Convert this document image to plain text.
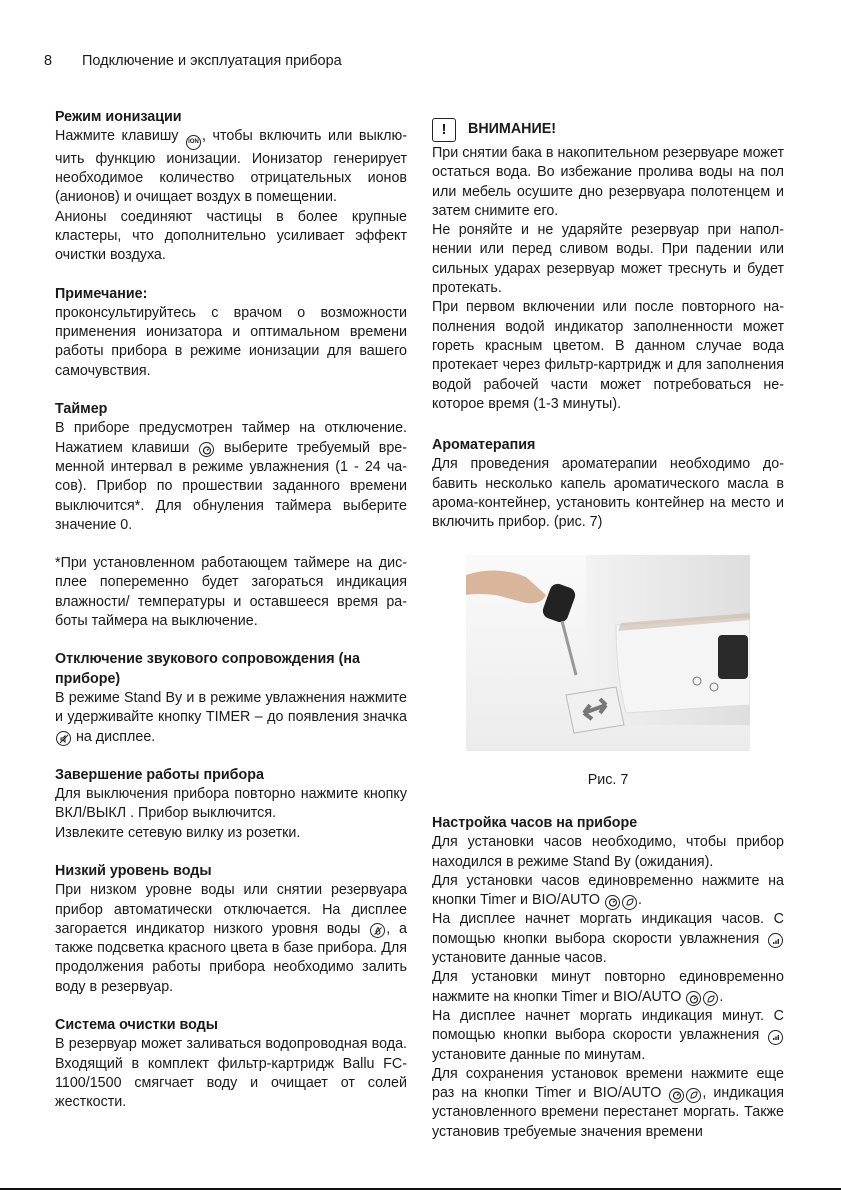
8 Подключение и эксплуатация прибора
Режим ионизации

Нажмите клавишу ION , чтобы включить или выключить функцию ионизации. Ионизатор генерирует необходимое количество отрицательных ионов (анионов) и очищает воздух в помещении.

Анионы соединяют частицы в более крупные кластеры, что дополнительно усиливает эффект очистки воздуха.

Примечание:

проконсультируйтесь с врачом о возможности применения ионизатора и оптимальном времени работы прибора в режиме ионизации для вашего самочувствия.

Таймер

В приборе предусмотрен таймер на отключение. Нажатием клавиши выберите требуемый временной интервал в режиме увлажнения (1 - 24 часов). Прибор по прошествии заданного времени выключится*. Для обнуления таймера выберите значение 0.

*При установленном работающем таймере на дисплее попеременно будет загораться индикация влажности/ температуры и оставшееся время работы таймера на выключение.

Отключение звукового сопровождения (на приборе)

В режиме Stand By и в режиме увлажнения нажмите и удерживайте кнопку TIMER – до появления значка
на дисплее.

Завершение работы прибора

Для выключения прибора повторно нажмите кнопку ВКЛ/ВЫКЛ . Прибор выключится.

Извлеките сетевую вилку из розетки.

Низкий уровень воды

При низком уровне воды или снятии резервуара прибор автоматически отключается. На дисплее загорается индикатор низкого уровня воды , а также подсветка красного цвета в базе прибора. Для продолжения работы прибора необходимо залить воду в резервуар.

Система очистки воды

В резервуар может заливаться водопроводная вода. Входящий в комплект фильтр-картридж Ballu FC-1100/1500 смягчает воду и очищает от солей жесткости.

!	ВНИМАНИЕ!

При снятии бака в накопительном резервуаре может остаться вода. Во избежание пролива воды на пол или мебель осушите дно резервуара полотенцем и затем снимите его.

Не роняйте и не ударяйте резервуар при наполнении или перед сливом воды. При падении или сильных ударах резервуар может треснуть и будет протекать.

При первом включении или после повторного наполнения водой индикатор заполненности может гореть красным цветом. В данном случае вода протекает через фильтр-картридж и для заполнения водой рабочей части может потребоваться некоторое время (1-3 минуты).

Ароматерапия

Для проведения ароматерапии необходимо добавить несколько капель ароматического масла в арома-контейнер, установить контейнер на место и включить прибор. (рис. 7)

Рис. 7
Настройка часов на приборе

Для установки часов необходимо, чтобы прибор находился в режиме Stand By (ожидания).

Для установки часов единовременно нажмите на кнопки Timer и BIO/AUTO	.

На дисплее начнет моргать индикация часов. С помощью кнопки выбора скорости увлажнения
установите данные часов.

Для установки минут повторно единовременно нажмите на кнопки Timer и BIO/AUTO	.

На дисплее начнет моргать индикация минут. С помощью кнопки выбора скорости увлажнения
установите данные по минутам.

Для сохранения установок времени нажмите еще раз на кнопки Timer и BIO/AUTO	, индикация установленного времени перестанет моргать. Также установив требуемые значения времени
